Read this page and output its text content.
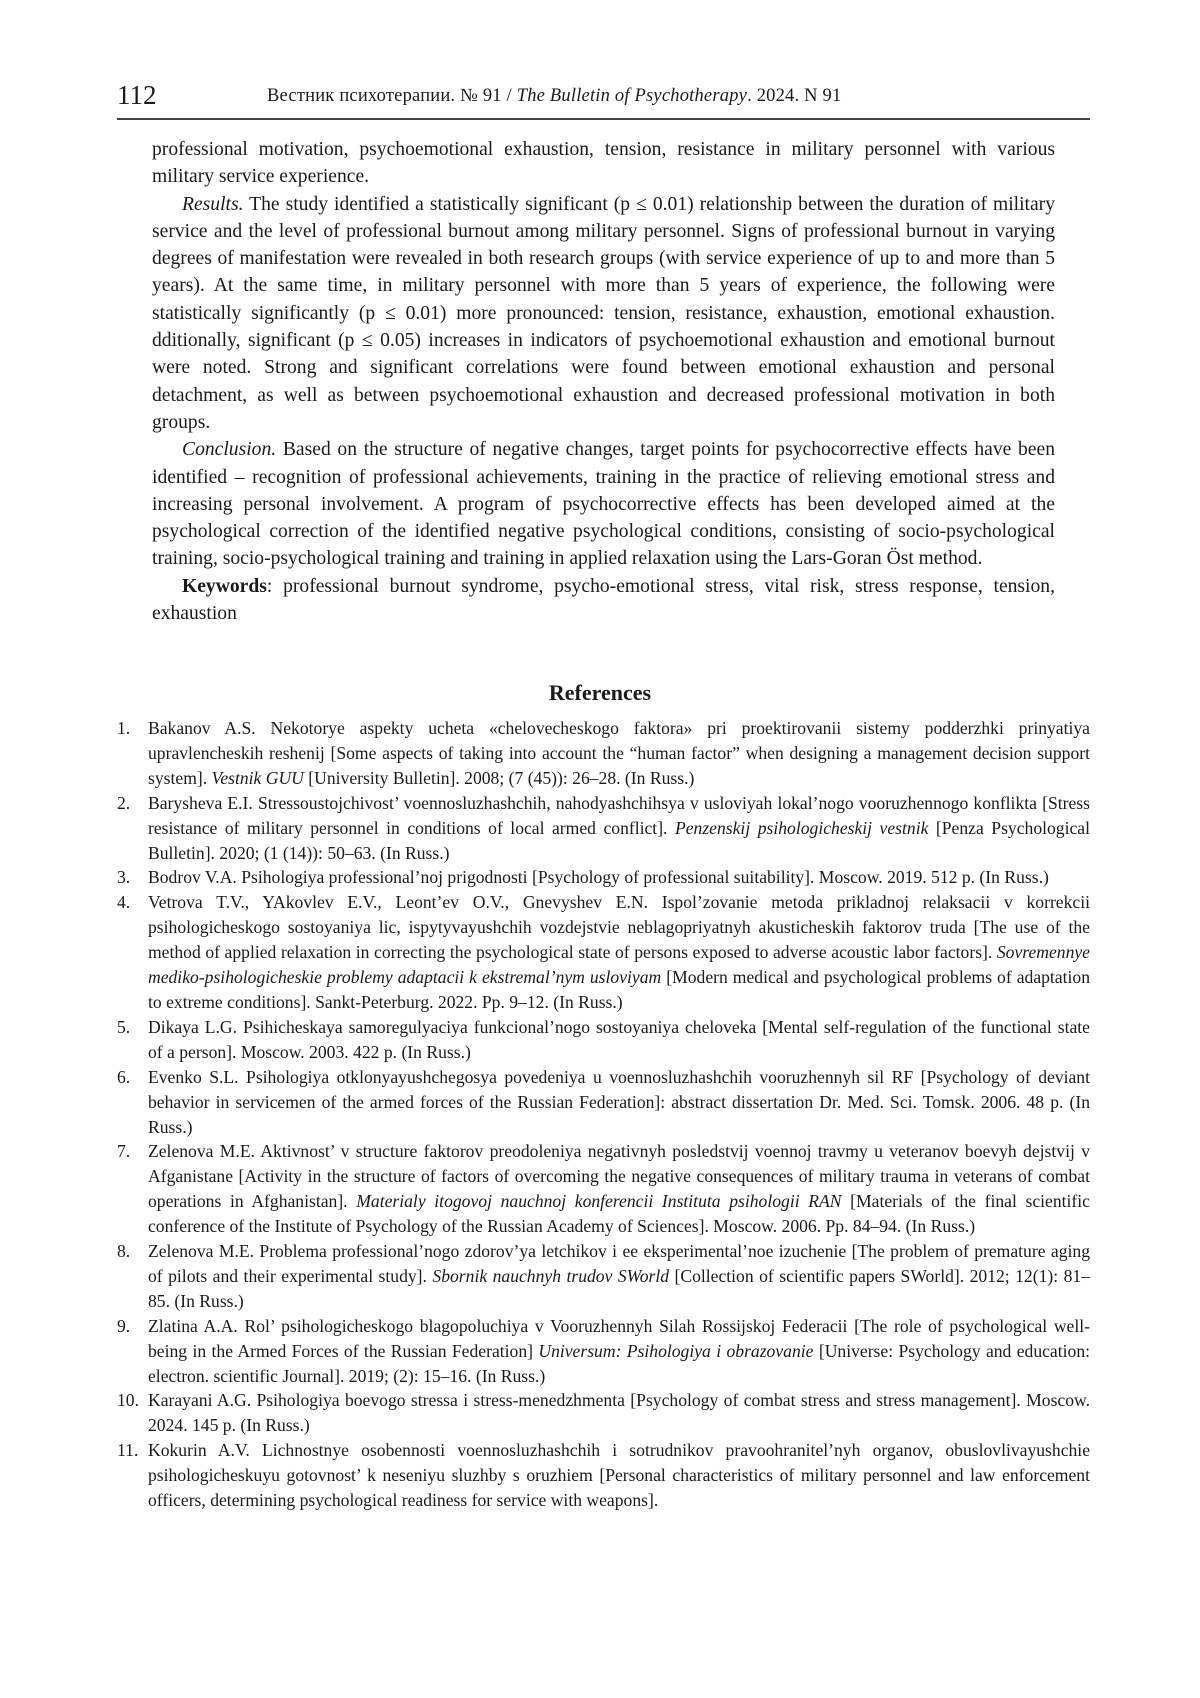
112	Вестник психотерапии. № 91 / The Bulletin of Psychotherapy. 2024. N 91

professional motivation, psychoemotional exhaustion, tension, resistance in military personnel with various military service experience.

Results. The study identified a statistically significant (p ≤ 0.01) relationship between the duration of military service and the level of professional burnout among military personnel. Signs of professional burnout in varying degrees of manifestation were revealed in both research groups (with service experience of up to and more than 5 years). At the same time, in military personnel with more than 5 years of experience, the following were statistically significantly (p ≤ 0.01) more pronounced: tension, resistance, exhaustion, emotional exhaustion. dditionally, significant (p ≤ 0.05) increases in indicators of psychoemotional exhaustion and emotional burnout were noted. Strong and significant correlations were found between emotional exhaustion and personal detachment, as well as between psychoemotional exhaustion and decreased professional motivation in both groups.

Conclusion. Based on the structure of negative changes, target points for psychocorrective effects have been identified – recognition of professional achievements, training in the practice of relieving emotional stress and increasing personal involvement. A program of psychocorrective effects has been developed aimed at the psychological correction of the identified negative psychological conditions, consisting of socio-psychological training, socio-psychological training and training in applied relaxation using the Lars-Goran Öst method.

Keywords: professional burnout syndrome, psycho-emotional stress, vital risk, stress response, tension, exhaustion

References
1. Bakanov A.S. Nekotorye aspekty ucheta «chelovecheskogo faktora» pri proektirovanii sistemy podderzhki prinyatiya upravlencheskih reshenij [Some aspects of taking into account the “human factor” when designing a management decision support system]. Vestnik GUU [University Bulletin]. 2008; (7 (45)): 26–28. (In Russ.)
2. Barysheva E.I. Stressoustojchivost’ voennosluzhashchih, nahodyashchihsya v usloviyah lokal’nogo vooruzhennogo konflikta [Stress resistance of military personnel in conditions of local armed conflict]. Penzenskij psihologicheskij vestnik [Penza Psychological Bulletin]. 2020; (1 (14)): 50–63. (In Russ.)
3. Bodrov V.A. Psihologiya professional’noj prigodnosti [Psychology of professional suitability]. Moscow. 2019. 512 p. (In Russ.)
4. Vetrova T.V., YAkovlev E.V., Leont’ev O.V., Gnevyshev E.N. Ispol’zovanie metoda prikladnoj relaksacii v korrekcii psihologicheskogo sostoyaniya lic, ispytyvayushchih vozdejstvie neblagopriyatnyh akusticheskih faktorov truda [The use of the method of applied relaxation in correcting the psychological state of persons exposed to adverse acoustic labor factors]. Sovremennye mediko-psihologicheskie problemy adaptacii k ekstremal’nym usloviyam [Modern medical and psychological problems of adaptation to extreme conditions]. Sankt-Peterburg. 2022. Pp. 9–12. (In Russ.)
5. Dikaya L.G. Psihicheskaya samoregulyaciya funkcional’nogo sostoyaniya cheloveka [Mental self-regulation of the functional state of a person]. Moscow. 2003. 422 p. (In Russ.)
6. Evenko S.L. Psihologiya otklonyayushchegosya povedeniya u voennosluzhashchih vooruzhennyh sil RF [Psychology of deviant behavior in servicemen of the armed forces of the Russian Federation]: abstract dissertation Dr. Med. Sci. Tomsk. 2006. 48 p. (In Russ.)
7. Zelenova M.E. Aktivnost’ v structure faktorov preodoleniya negativnyh posledstvij voennoj travmy u veteranov boevyh dejstvij v Afganistane [Activity in the structure of factors of overcoming the negative consequences of military trauma in veterans of combat operations in Afghanistan]. Materialy itogovoj nauchnoj konferencii Instituta psihologii RAN [Materials of the final scientific conference of the Institute of Psychology of the Russian Academy of Sciences]. Moscow. 2006. Pp. 84–94. (In Russ.)
8. Zelenova M.E. Problema professional’nogo zdorov’ya letchikov i ee eksperimental’noe izuchenie [The problem of premature aging of pilots and their experimental study]. Sbornik nauchnyh trudov SWorld [Collection of scientific papers SWorld]. 2012; 12(1): 81–85. (In Russ.)
9. Zlatina A.A. Rol’ psihologicheskogo blagopoluchiya v Vooruzhennyh Silah Rossijskoj Federacii [The role of psychological well-being in the Armed Forces of the Russian Federation] Universum: Psihologiya i obrazovanie [Universe: Psychology and education: electron. scientific Journal]. 2019; (2): 15–16. (In Russ.)
10. Karayani A.G. Psihologiya boevogo stressa i stress-menedzhmenta [Psychology of combat stress and stress management]. Moscow. 2024. 145 p. (In Russ.)
11. Kokurin A.V. Lichnostnye osobennosti voennosluzhashchih i sotrudnikov pravoohranitel’nyh organov, obuslovlivayushchie psihologicheskuyu gotovnost’ k neseniyu sluzhby s oruzhiem [Personal characteristics of military personnel and law enforcement officers, determining psychological readiness for service with weapons].
